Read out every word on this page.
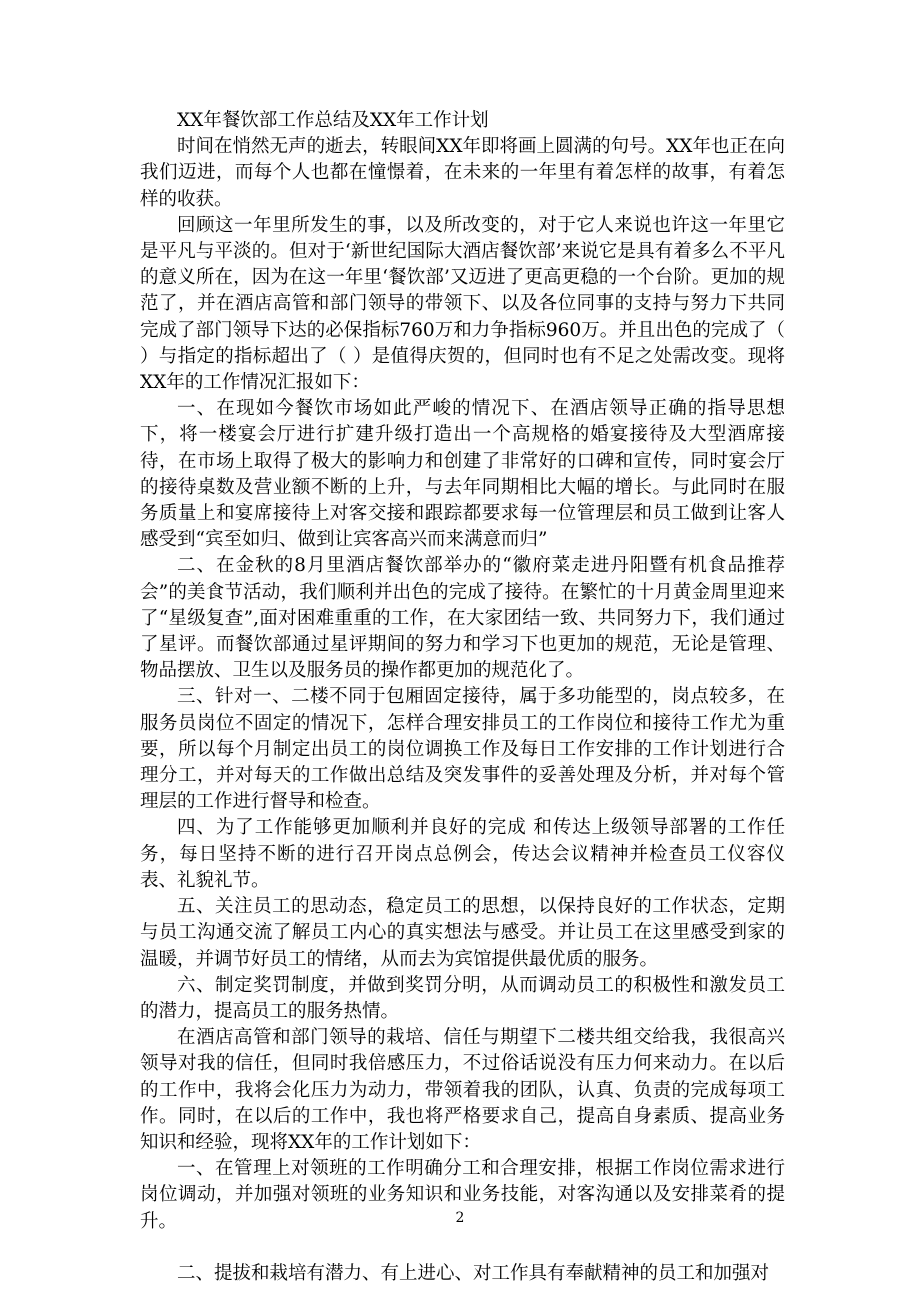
XX年餐饮部工作总结及XX年工作计划

时间在悄然无声的逝去，转眼间XX年即将画上圆满的句号。XX年也正在向我们迈进，而每个人也都在憧憬着，在未来的一年里有着怎样的故事，有着怎样的收获。

回顾这一年里所发生的事，以及所改变的，对于它人来说也许这一年里它是平凡与平淡的。但对于‘新世纪国际大酒店餐饮部’来说它是具有着多么不平凡的意义所在，因为在这一年里‘餐饮部’又迈进了更高更稳的一个台阶。更加的规范了，并在酒店高管和部门领导的带领下、以及各位同事的支持与努力下共同完成了部门领导下达的必保指标760万和力争指标960万。并且出色的完成了（ ）与指定的指标超出了（ ）是值得庆贺的，但同时也有不足之处需改变。现将XX年的工作情况汇报如下：

一、在现如今餐饮市场如此严峻的情况下、在酒店领导正确的指导思想下，将一楼宴会厅进行扩建升级打造出一个高规格的婚宴接待及大型酒席接待，在市场上取得了极大的影响力和创建了非常好的口碑和宣传，同时宴会厅的接待桌数及营业额不断的上升，与去年同期相比大幅的增长。与此同时在服务质量上和宴席接待上对客交接和跟踪都要求每一位管理层和员工做到让客人感受到“宾至如归、做到让宾客高兴而来满意而归”

二、在金秋的8月里酒店餐饮部举办的“徽府菜走进丹阳暨有机食品推荐会”的美食节活动，我们顺利并出色的完成了接待。在繁忙的十月黄金周里迎来了“星级复查”,面对困难重重的工作，在大家团结一致、共同努力下，我们通过了星评。而餐饮部通过星评期间的努力和学习下也更加的规范，无论是管理、物品摆放、卫生以及服务员的操作都更加的规范化了。

三、针对一、二楼不同于包厢固定接待，属于多功能型的，岗点较多，在服务员岗位不固定的情况下，怎样合理安排员工的工作岗位和接待工作尤为重要，所以每个月制定出员工的岗位调换工作及每日工作安排的工作计划进行合理分工，并对每天的工作做出总结及突发事件的妥善处理及分析，并对每个管理层的工作进行督导和检查。

四、为了工作能够更加顺利并良好的完成 和传达上级领导部署的工作任务，每日坚持不断的进行召开岗点总例会，传达会议精神并检查员工仪容仪表、礼貌礼节。

五、关注员工的思动态，稳定员工的思想，以保持良好的工作状态，定期与员工沟通交流了解员工内心的真实想法与感受。并让员工在这里感受到家的温暖，并调节好员工的情绪，从而去为宾馆提供最优质的服务。

六、制定奖罚制度，并做到奖罚分明，从而调动员工的积极性和激发员工的潜力，提高员工的服务热情。

在酒店高管和部门领导的栽培、信任与期望下二楼共组交给我，我很高兴领导对我的信任，但同时我倍感压力，不过俗话说没有压力何来动力。在以后的工作中，我将会化压力为动力，带领着我的团队，认真、负责的完成每项工作。同时，在以后的工作中，我也将严格要求自己，提高自身素质、提高业务知识和经验，现将XX年的工作计划如下：

一、在管理上对领班的工作明确分工和合理安排，根据工作岗位需求进行岗位调动，并加强对领班的业务知识和业务技能，对客沟通以及安排菜肴的提升。

二、提拔和栽培有潜力、有上进心、对工作具有奉献精神的员工和加强对

2
